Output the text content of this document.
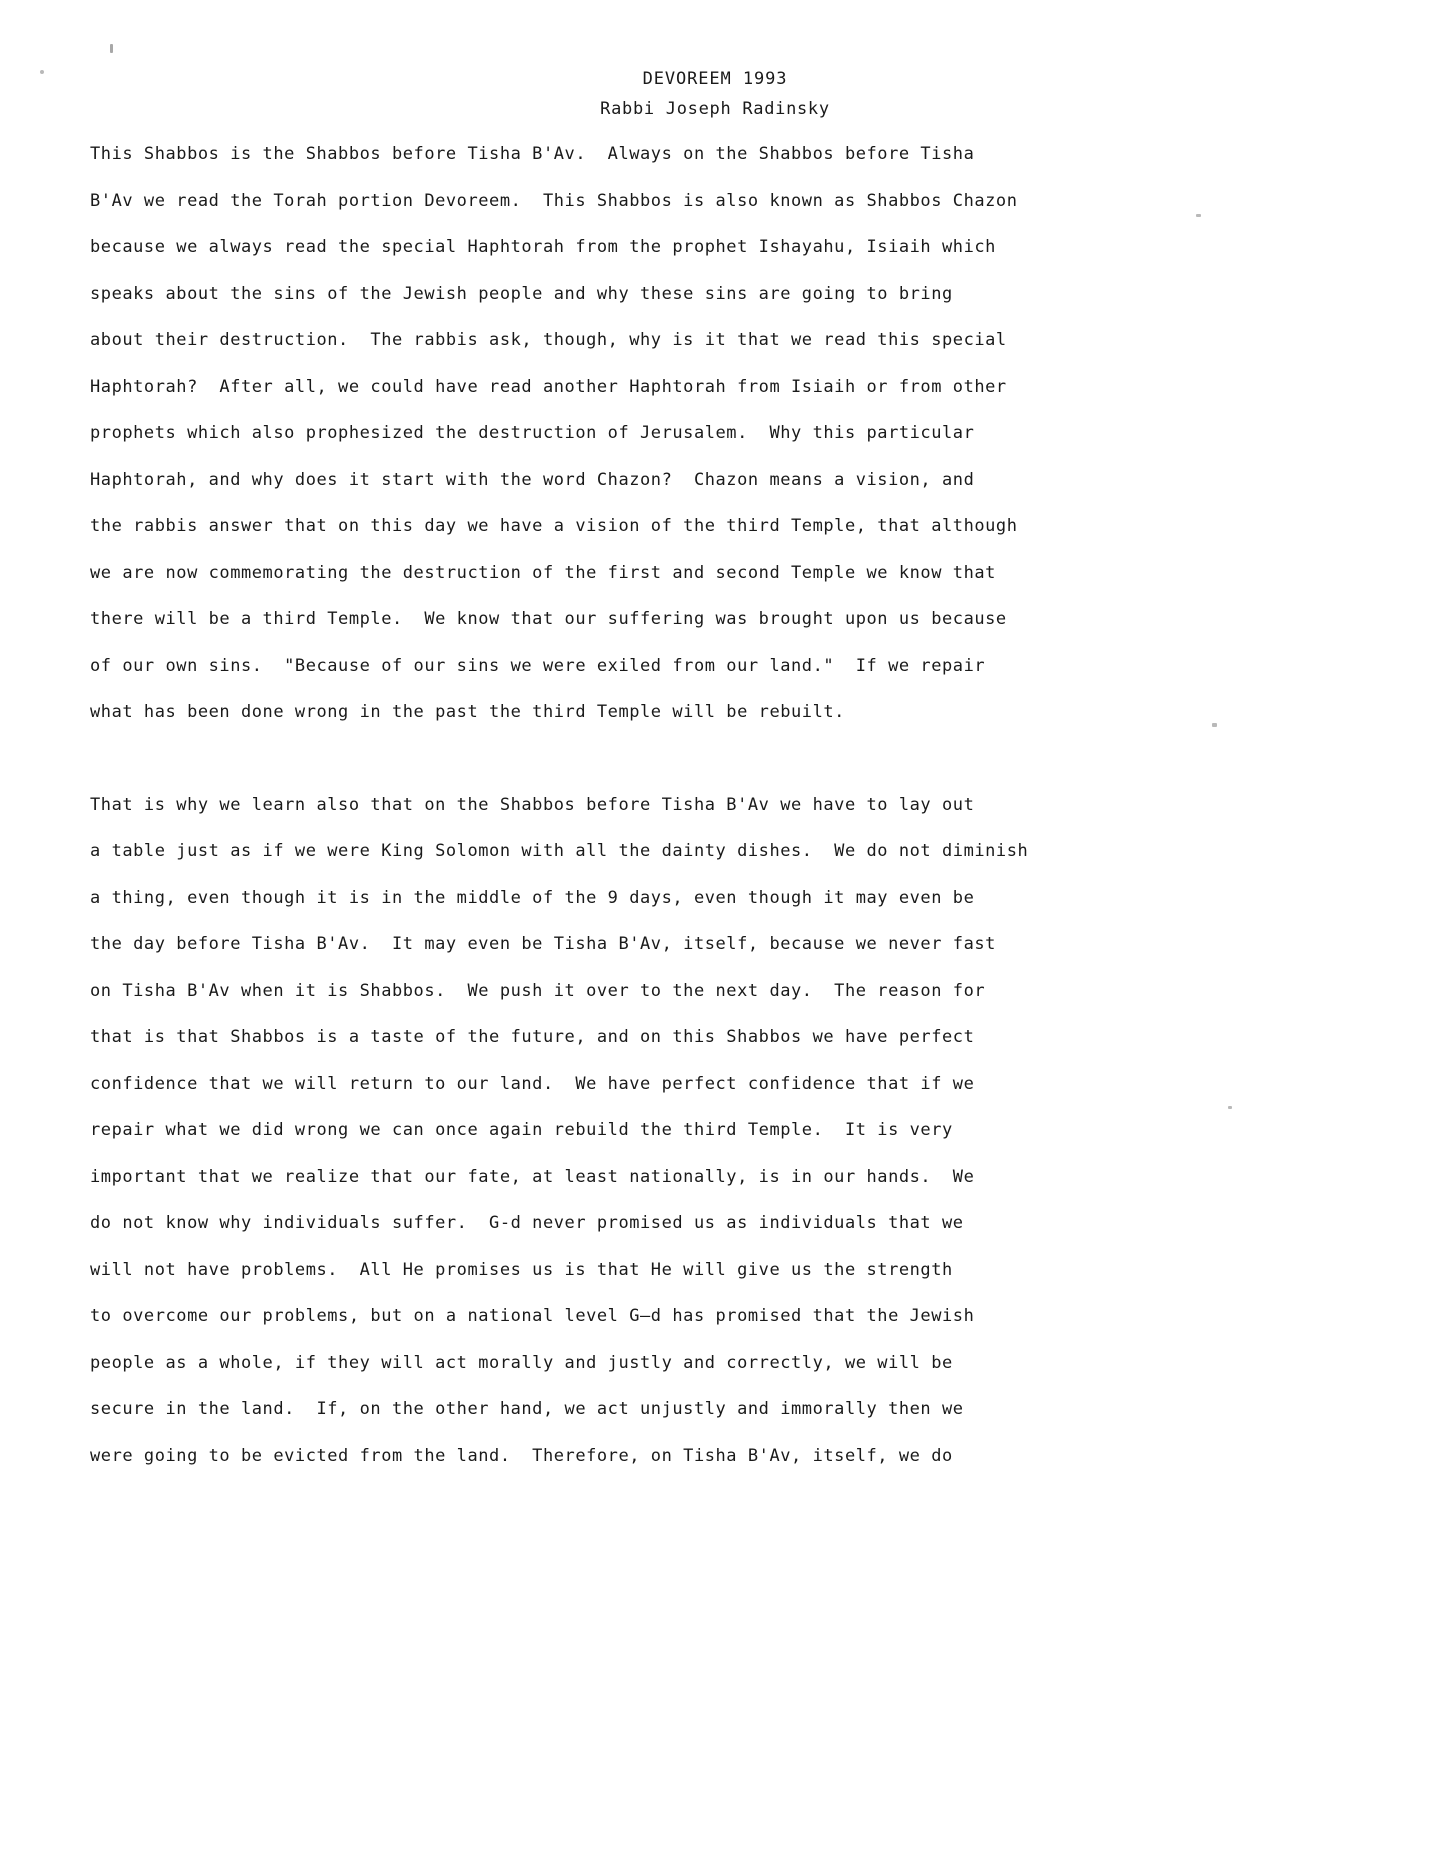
DEVOREEM 1993
Rabbi Joseph Radinsky

This Shabbos is the Shabbos before Tisha B'Av.  Always on the Shabbos before Tisha
B'Av we read the Torah portion Devoreem.  This Shabbos is also known as Shabbos Chazon
because we always read the special Haphtorah from the prophet Ishayahu, Isiaih which
speaks about the sins of the Jewish people and why these sins are going to bring
about their destruction.  The rabbis ask, though, why is it that we read this special
Haphtorah?  After all, we could have read another Haphtorah from Isiaih or from other
prophets which also prophesized the destruction of Jerusalem.  Why this particular
Haphtorah, and why does it start with the word Chazon?  Chazon means a vision, and
the rabbis answer that on this day we have a vision of the third Temple, that although
we are now commemorating the destruction of the first and second Temple we know that
there will be a third Temple.  We know that our suffering was brought upon us because
of our own sins.  "Because of our sins we were exiled from our land."  If we repair
what has been done wrong in the past the third Temple will be rebuilt.

That is why we learn also that on the Shabbos before Tisha B'Av we have to lay out
a table just as if we were King Solomon with all the dainty dishes.  We do not diminish
a thing, even though it is in the middle of the 9 days, even though it may even be
the day before Tisha B'Av.  It may even be Tisha B'Av, itself, because we never fast
on Tisha B'Av when it is Shabbos.  We push it over to the next day.  The reason for
that is that Shabbos is a taste of the future, and on this Shabbos we have perfect
confidence that we will return to our land.  We have perfect confidence that if we
repair what we did wrong we can once again rebuild the third Temple.  It is very
important that we realize that our fate, at least nationally, is in our hands.  We
do not know why individuals suffer.  G-d never promised us as individuals that we
will not have problems.  All He promises us is that He will give us the strength
to overcome our problems, but on a national level G—d has promised that the Jewish
people as a whole, if they will act morally and justly and correctly, we will be
secure in the land.  If, on the other hand, we act unjustly and immorally then we
were going to be evicted from the land.  Therefore, on Tisha B'Av, itself, we do
